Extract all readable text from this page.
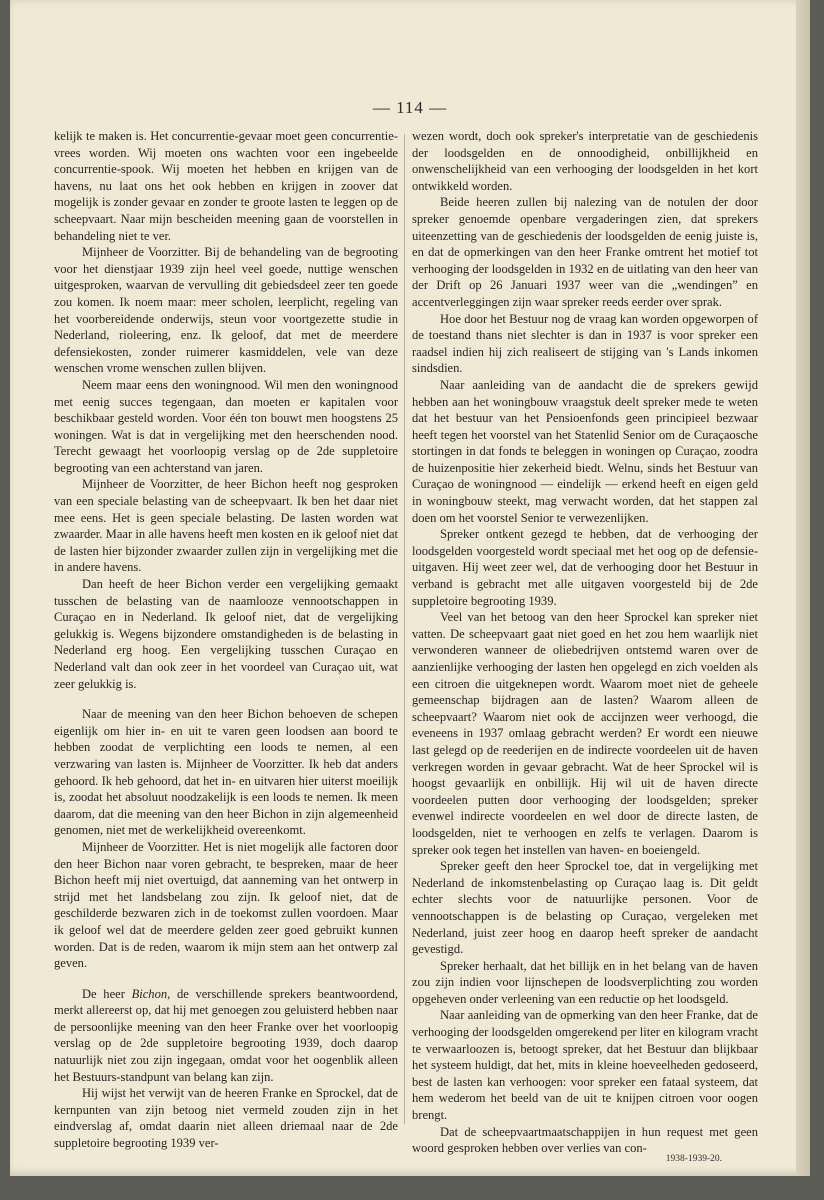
— 114 —

kelijk te maken is. Het concurrentie-gevaar moet geen concurrentie-vrees worden. Wij moeten ons wachten voor een ingebeelde concurrentie-spook. Wij moeten het hebben en krijgen van de havens, nu laat ons het ook hebben en krijgen in zoover dat mogelijk is zonder gevaar en zonder te groote lasten te leggen op de scheepvaart. Naar mijn bescheiden meening gaan de voorstellen in behandeling niet te ver.

Mijnheer de Voorzitter. Bij de behandeling van de begrooting voor het dienstjaar 1939 zijn heel veel goede, nuttige wenschen uitgesproken, waarvan de vervulling dit gebiedsdeel zeer ten goede zou komen. Ik noem maar: meer scholen, leerplicht, regeling van het voorbereidende onderwijs, steun voor voortgezette studie in Nederland, rioleering, enz. Ik geloof, dat met de meerdere defensiekosten, zonder ruimerer kasmiddelen, vele van deze wenschen vrome wenschen zullen blijven.

Neem maar eens den woningnood. Wil men den woningnood met eenig succes tegengaan, dan moeten er kapitalen voor beschikbaar gesteld worden. Voor één ton bouwt men hoogstens 25 woningen. Wat is dat in vergelijking met den heerschenden nood. Terecht gewaagt het voorloopig verslag op de 2de suppletoire begrooting van een achterstand van jaren.

Mijnheer de Voorzitter, de heer Bichon heeft nog gesproken van een speciale belasting van de scheepvaart. Ik ben het daar niet mee eens. Het is geen speciale belasting. De lasten worden wat zwaarder. Maar in alle havens heeft men kosten en ik geloof niet dat de lasten hier bijzonder zwaarder zullen zijn in vergelijking met die in andere havens.

Dan heeft de heer Bichon verder een vergelijking gemaakt tusschen de belasting van de naamlooze vennootschappen in Curaçao en in Nederland. Ik geloof niet, dat de vergelijking gelukkig is. Wegens bijzondere omstandigheden is de belasting in Nederland erg hoog. Een vergelijking tusschen Curaçao en Nederland valt dan ook zeer in het voordeel van Curaçao uit, wat zeer gelukkig is.

Naar de meening van den heer Bichon behoeven de schepen eigenlijk om hier in- en uit te varen geen loodsen aan boord te hebben zoodat de verplichting een loods te nemen, al een verzwaring van lasten is. Mijnheer de Voorzitter. Ik heb dat anders gehoord. Ik heb gehoord, dat het in- en uitvaren hier uiterst moeilijk is, zoodat het absoluut noodzakelijk is een loods te nemen. Ik meen daarom, dat die meening van den heer Bichon in zijn algemeenheid genomen, niet met de werkelijkheid overeenkomt.

Mijnheer de Voorzitter. Het is niet mogelijk alle factoren door den heer Bichon naar voren gebracht, te bespreken, maar de heer Bichon heeft mij niet overtuigd, dat aanneming van het ontwerp in strijd met het landsbelang zou zijn. Ik geloof niet, dat de geschilderde bezwaren zich in de toekomst zullen voordoen. Maar ik geloof wel dat de meerdere gelden zeer goed gebruikt kunnen worden. Dat is de reden, waarom ik mijn stem aan het ontwerp zal geven.

De heer Bichon, de verschillende sprekers beantwoordend, merkt allereerst op, dat hij met genoegen zou geluisterd hebben naar de persoonlijke meening van den heer Franke over het voorloopig verslag op de 2de suppletoire begrooting 1939, doch daarop natuurlijk niet zou zijn ingegaan, omdat voor het oogenblik alleen het Bestuurs-standpunt van belang kan zijn.

Hij wijst het verwijt van de heeren Franke en Sprockel, dat de kernpunten van zijn betoog niet vermeld zouden zijn in het eindverslag af, omdat daarin niet alleen driemaal naar de 2de suppletoire begrooting 1939 ver-

wezen wordt, doch ook spreker's interpretatie van de geschiedenis der loodsgelden en de onnoodigheid, onbillijkheid en onwenschelijkheid van een verhooging der loodsgelden in het kort ontwikkeld worden.

Beide heeren zullen bij nalezing van de notulen der door spreker genoemde openbare vergaderingen zien, dat sprekers uiteenzetting van de geschiedenis der loodsgelden de eenig juiste is, en dat de opmerkingen van den heer Franke omtrent het motief tot verhooging der loodsgelden in 1932 en de uitlating van den heer van der Drift op 26 Januari 1937 weer van die „wendingen” en accentverleggingen zijn waar spreker reeds eerder over sprak.

Hoe door het Bestuur nog de vraag kan worden opgeworpen of de toestand thans niet slechter is dan in 1937 is voor spreker een raadsel indien hij zich realiseert de stijging van 's Lands inkomen sindsdien.

Naar aanleiding van de aandacht die de sprekers gewijd hebben aan het woningbouw vraagstuk deelt spreker mede te weten dat het bestuur van het Pensioenfonds geen principieel bezwaar heeft tegen het voorstel van het Statenlid Senior om de Curaçaosche stortingen in dat fonds te beleggen in woningen op Curaçao, zoodra de huizenpositie hier zekerheid biedt. Welnu, sinds het Bestuur van Curaçao de woningnood — eindelijk — erkend heeft en eigen geld in woningbouw steekt, mag verwacht worden, dat het stappen zal doen om het voorstel Senior te verwezenlijken.

Spreker ontkent gezegd te hebben, dat de verhooging der loodsgelden voorgesteld wordt speciaal met het oog op de defensie-uitgaven. Hij weet zeer wel, dat de verhooging door het Bestuur in verband is gebracht met alle uitgaven voorgesteld bij de 2de suppletoire begrooting 1939.

Veel van het betoog van den heer Sprockel kan spreker niet vatten. De scheepvaart gaat niet goed en het zou hem waarlijk niet verwonderen wanneer de oliebedrijven ontstemd waren over de aanzienlijke verhooging der lasten hen opgelegd en zich voelden als een citroen die uitgeknepen wordt. Waarom moet niet de geheele gemeenschap bijdragen aan de lasten? Waarom alleen de scheepvaart? Waarom niet ook de accijnzen weer verhoogd, die eveneens in 1937 omlaag gebracht werden? Er wordt een nieuwe last gelegd op de reederijen en de indirecte voordeelen uit de haven verkregen worden in gevaar gebracht. Wat de heer Sprockel wil is hoogst gevaarlijk en onbillijk. Hij wil uit de haven directe voordeelen putten door verhooging der loodsgelden; spreker evenwel indirecte voordeelen en wel door de directe lasten, de loodsgelden, niet te verhoogen en zelfs te verlagen. Daarom is spreker ook tegen het instellen van haven- en boeiengeld.

Spreker geeft den heer Sprockel toe, dat in vergelijking met Nederland de inkomstenbelasting op Curaçao laag is. Dit geldt echter slechts voor de natuurlijke personen. Voor de vennootschappen is de belasting op Curaçao, vergeleken met Nederland, juist zeer hoog en daarop heeft spreker de aandacht gevestigd.

Spreker herhaalt, dat het billijk en in het belang van de haven zou zijn indien voor lijnschepen de loodsverplichting zou worden opgeheven onder verleening van een reductie op het loodsgeld.

Naar aanleiding van de opmerking van den heer Franke, dat de verhooging der loodsgelden omgerekend per liter en kilogram vracht te verwaarloozen is, betoogt spreker, dat het Bestuur dan blijkbaar het systeem huldigt, dat het, mits in kleine hoeveelheden gedoseerd, best de lasten kan verhoogen: voor spreker een fataal systeem, dat hem wederom het beeld van de uit te knijpen citroen voor oogen brengt.

Dat de scheepvaartmaatschappijen in hun request met geen woord gesproken hebben over verlies van con-

1938-1939-20.
